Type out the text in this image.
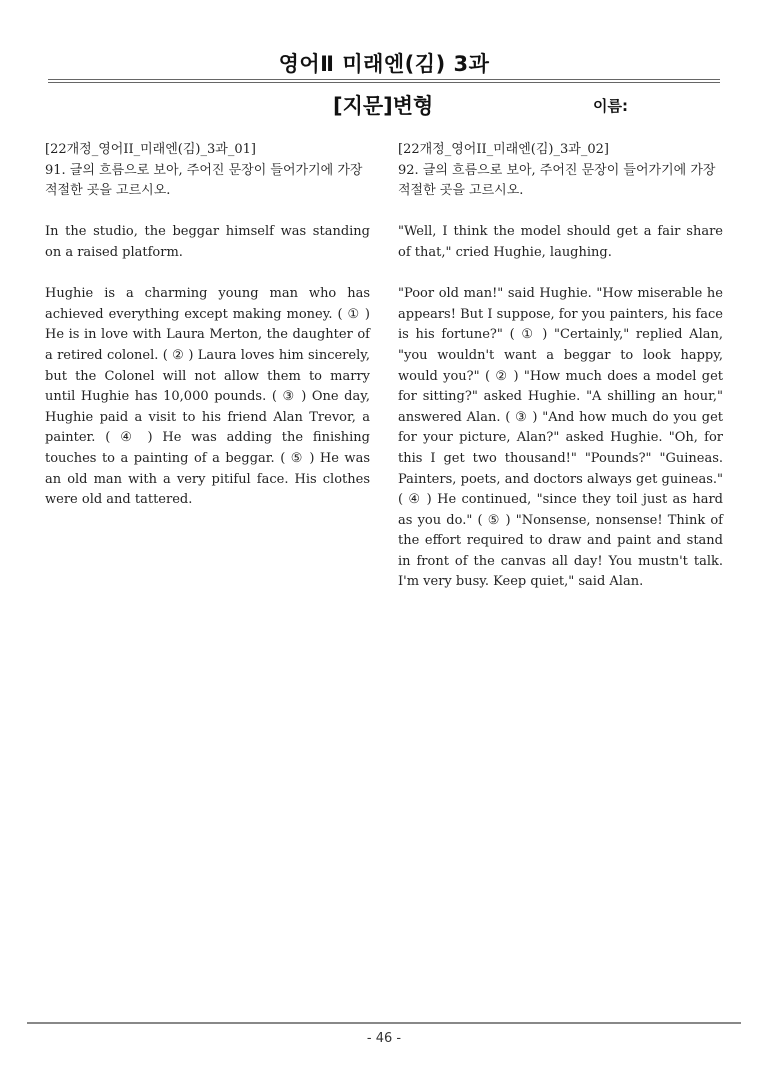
영어Ⅱ 미래엔(김) 3과
[지문]변형	이름:

[22개정_영어II_미래엔(김)_3과_01]

91. 글의 흐름으로 보아, 주어진 문장이 들어가기에 가장 적절한 곳을 고르시오.

In the studio, the beggar himself was standing on a raised platform.

Hughie is a charming young man who has achieved everything except making money. ( ① ) He is in love with Laura Merton, the daughter of a retired colonel. ( ② ) Laura loves him sincerely, but the Colonel will not allow them to marry until Hughie has 10,000 pounds. ( ③ ) One day, Hughie paid a visit to his friend Alan Trevor, a painter. ( ④ ) He was adding the finishing touches to a painting of a beggar. ( ⑤ ) He was an old man with a very pitiful face. His clothes were old and tattered.

[22개정_영어II_미래엔(김)_3과_02]

92. 글의 흐름으로 보아, 주어진 문장이 들어가기에 가장 적절한 곳을 고르시오.

"Well, I think the model should get a fair share of that," cried Hughie, laughing.

"Poor old man!" said Hughie. "How miserable he appears! But I suppose, for you painters, his face is his fortune?" ( ① ) "Certainly," replied Alan, "you wouldn't want a beggar to look happy, would you?" ( ② ) "How much does a model get for sitting?" asked Hughie. "A shilling an hour," answered Alan. ( ③ ) "And how much do you get for your picture, Alan?" asked Hughie. "Oh, for this I get two thousand!" "Pounds?" "Guineas. Painters, poets, and doctors always get guineas." ( ④ ) He continued, "since they toil just as hard as you do." ( ⑤ ) "Nonsense, nonsense! Think of the effort required to draw and paint and stand in front of the canvas all day! You mustn't talk. I'm very busy. Keep quiet," said Alan.

- 46 -
